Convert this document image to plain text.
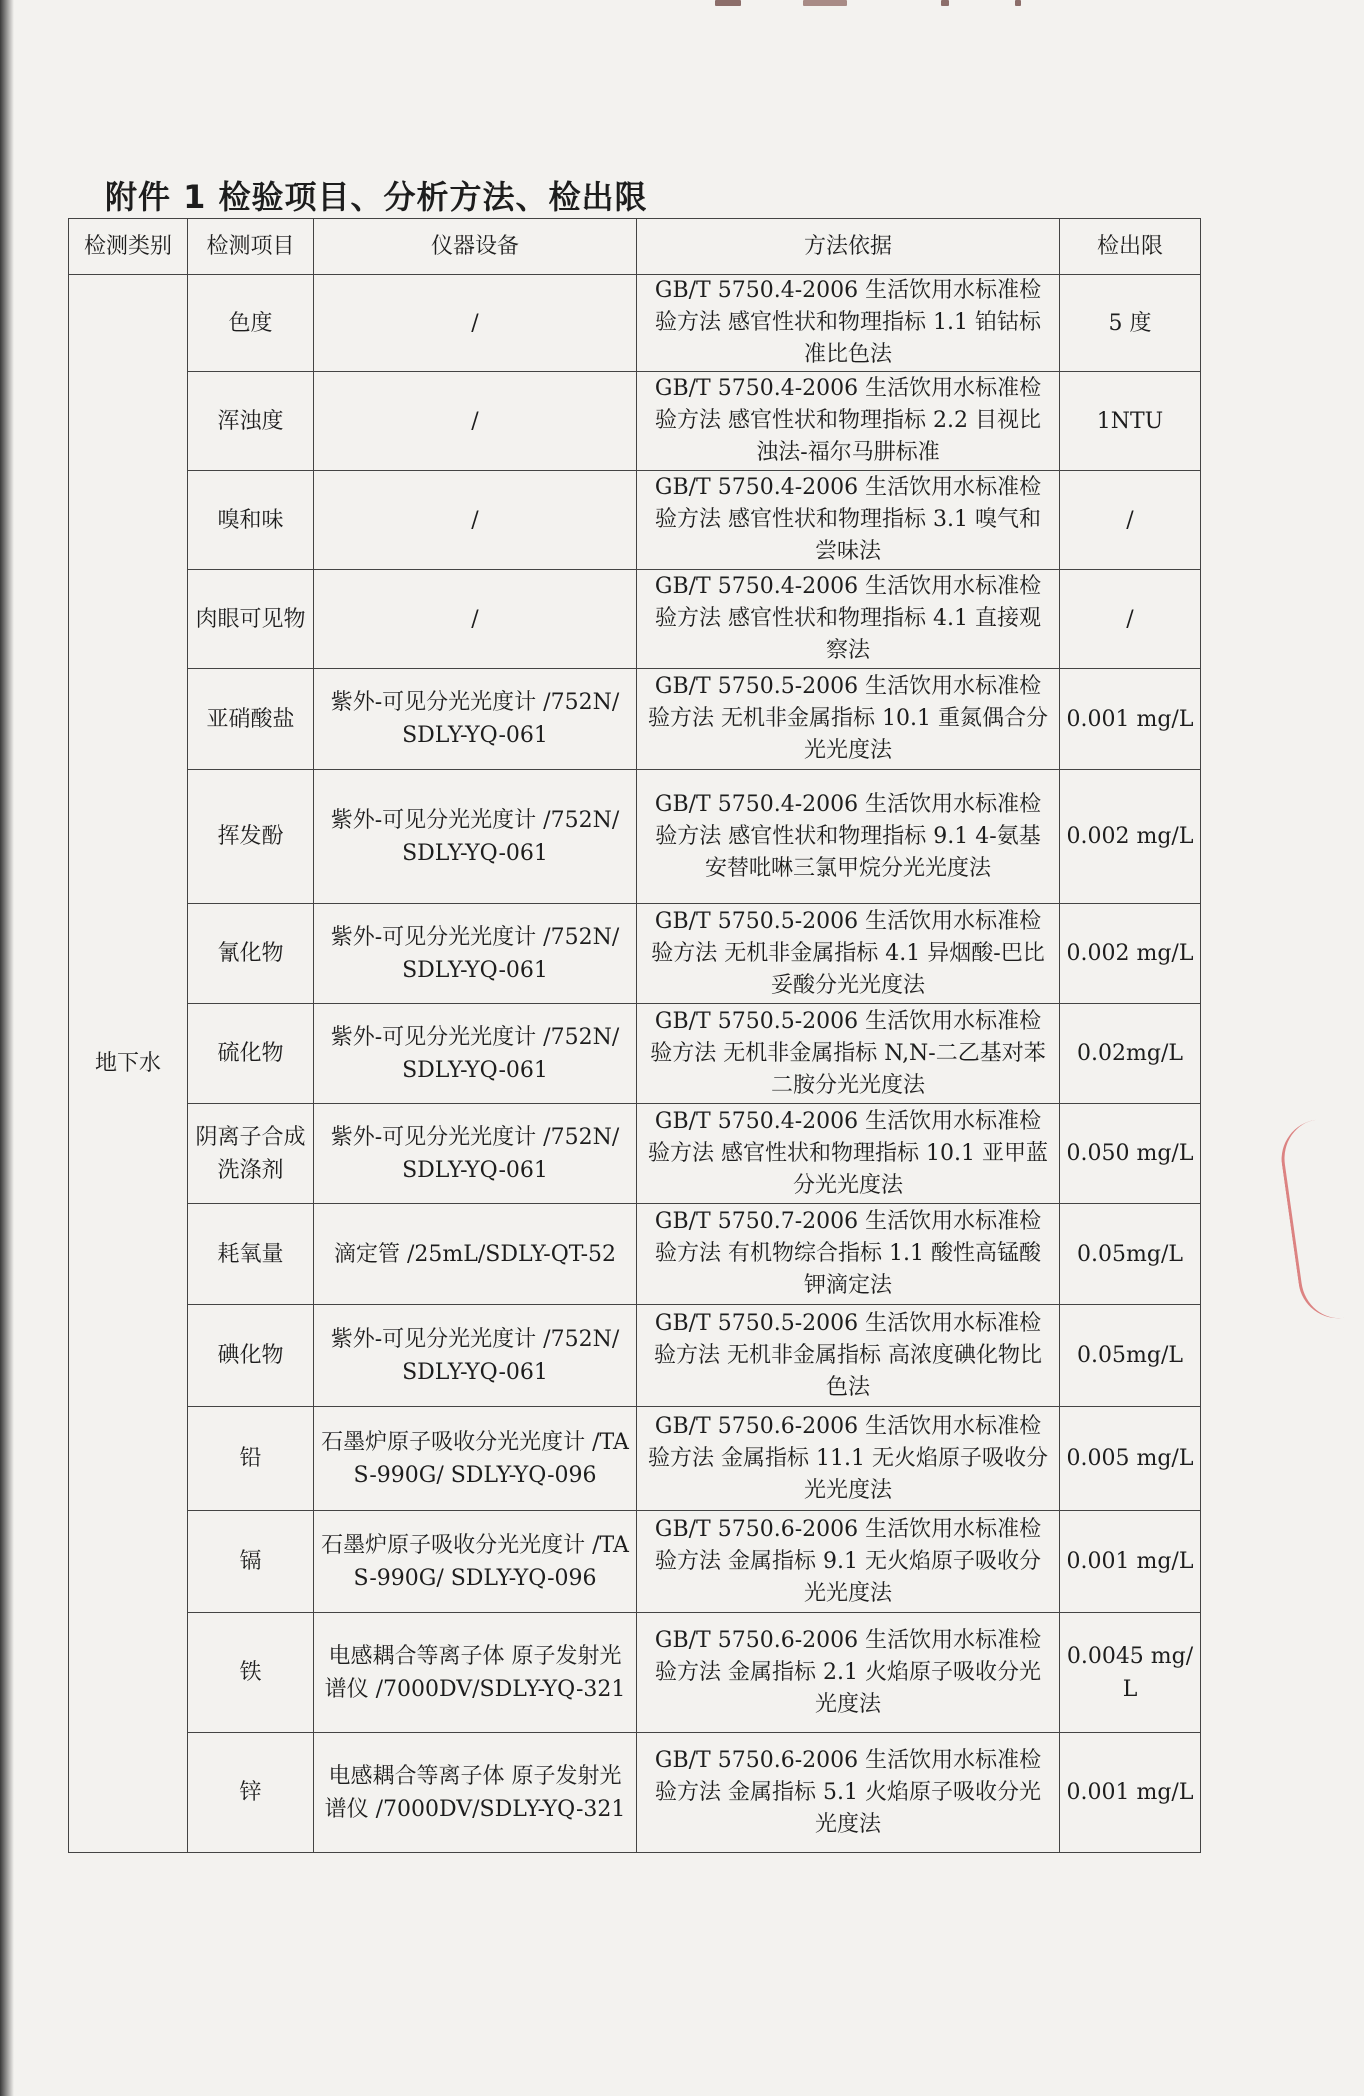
附件 1 检验项目、分析方法、检出限
检测类别	检测项目	仪器设备	方法依据	检出限
地下水	色度	/	GB/T 5750.4-2006 生活饮用水标准检验方法 感官性状和物理指标 1.1 铂钴标准比色法	5 度
	浑浊度	/	GB/T 5750.4-2006 生活饮用水标准检验方法 感官性状和物理指标 2.2 目视比浊法-福尔马肼标准	1NTU
	嗅和味	/	GB/T 5750.4-2006 生活饮用水标准检验方法 感官性状和物理指标 3.1 嗅气和尝味法	/
	肉眼可见物	/	GB/T 5750.4-2006 生活饮用水标准检验方法 感官性状和物理指标 4.1 直接观察法	/
	亚硝酸盐	紫外-可见分光光度计 /752N/ SDLY-YQ-061	GB/T 5750.5-2006 生活饮用水标准检验方法 无机非金属指标 10.1 重氮偶合分光光度法	0.001 mg/L
	挥发酚	紫外-可见分光光度计 /752N/ SDLY-YQ-061	GB/T 5750.4-2006 生活饮用水标准检验方法 感官性状和物理指标 9.1 4-氨基安替吡啉三氯甲烷分光光度法	0.002 mg/L
	氰化物	紫外-可见分光光度计 /752N/ SDLY-YQ-061	GB/T 5750.5-2006 生活饮用水标准检验方法 无机非金属指标 4.1 异烟酸-巴比妥酸分光光度法	0.002 mg/L
	硫化物	紫外-可见分光光度计 /752N/ SDLY-YQ-061	GB/T 5750.5-2006 生活饮用水标准检验方法 无机非金属指标 N,N-二乙基对苯二胺分光光度法	0.02mg/L
	阴离子合成洗涤剂	紫外-可见分光光度计 /752N/ SDLY-YQ-061	GB/T 5750.4-2006 生活饮用水标准检验方法 感官性状和物理指标 10.1 亚甲蓝分光光度法	0.050 mg/L
	耗氧量	滴定管 /25mL/SDLY-QT-52	GB/T 5750.7-2006 生活饮用水标准检验方法 有机物综合指标 1.1 酸性高锰酸钾滴定法	0.05mg/L
	碘化物	紫外-可见分光光度计 /752N/ SDLY-YQ-061	GB/T 5750.5-2006 生活饮用水标准检验方法 无机非金属指标 高浓度碘化物比色法	0.05mg/L
	铅	石墨炉原子吸收分光光度计 /TAS-990G/ SDLY-YQ-096	GB/T 5750.6-2006 生活饮用水标准检验方法 金属指标 11.1 无火焰原子吸收分光光度法	0.005 mg/L
	镉	石墨炉原子吸收分光光度计 /TAS-990G/ SDLY-YQ-096	GB/T 5750.6-2006 生活饮用水标准检验方法 金属指标 9.1 无火焰原子吸收分光光度法	0.001 mg/L
	铁	电感耦合等离子体 原子发射光谱仪 /7000DV/SDLY-YQ-321	GB/T 5750.6-2006 生活饮用水标准检验方法 金属指标 2.1 火焰原子吸收分光光度法	0.0045 mg/L
	锌	电感耦合等离子体 原子发射光谱仪 /7000DV/SDLY-YQ-321	GB/T 5750.6-2006 生活饮用水标准检验方法 金属指标 5.1 火焰原子吸收分光光度法	0.001 mg/L
